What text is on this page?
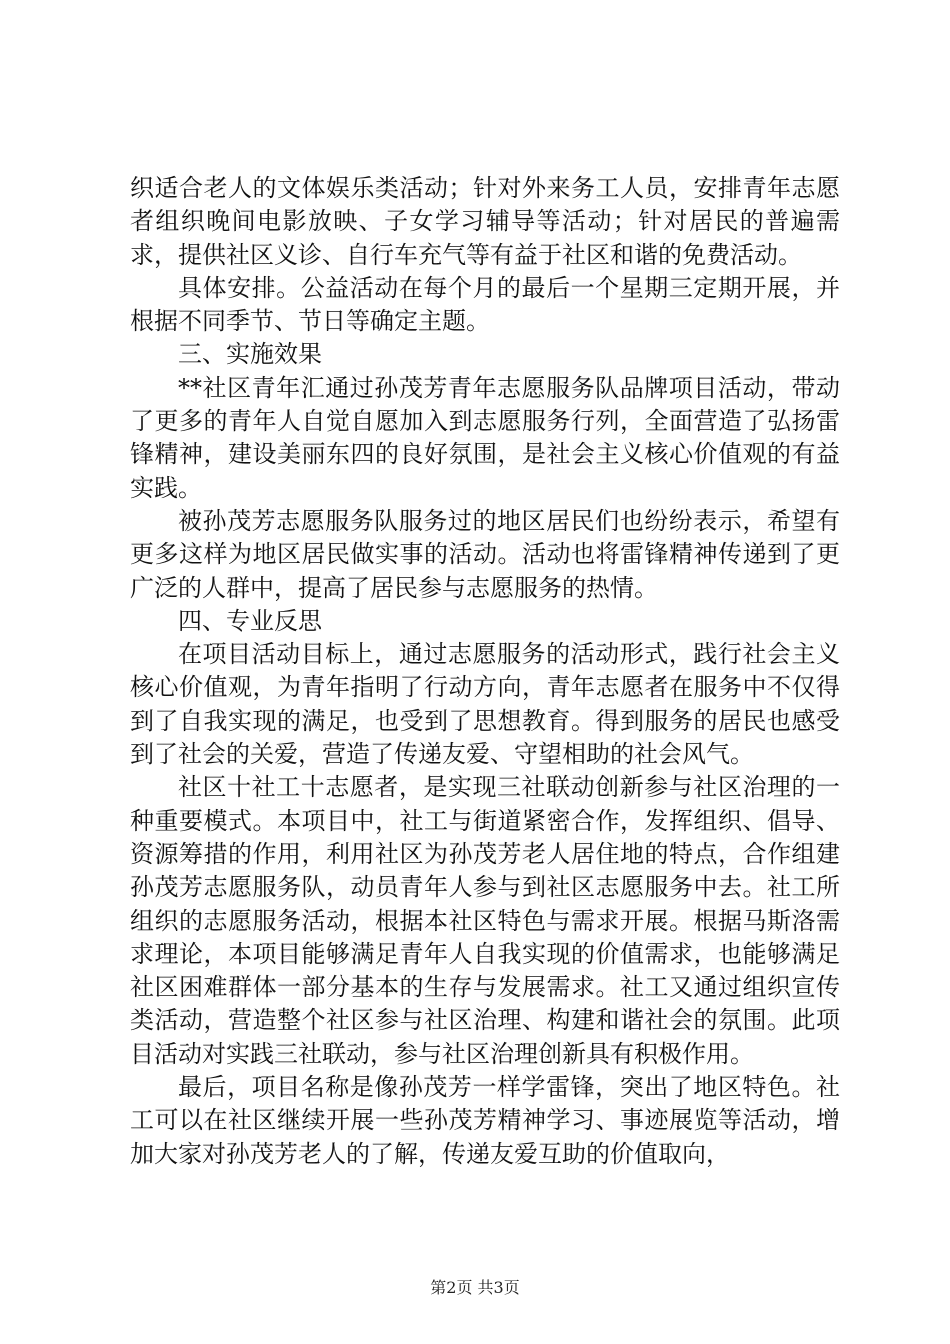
织适合老人的文体娱乐类活动；针对外来务工人员，安排青年志愿者组织晚间电影放映、子女学习辅导等活动；针对居民的普遍需求，提供社区义诊、自行车充气等有益于社区和谐的免费活动。

具体安排。公益活动在每个月的最后一个星期三定期开展，并根据不同季节、节日等确定主题。

三、实施效果

**社区青年汇通过孙茂芳青年志愿服务队品牌项目活动，带动了更多的青年人自觉自愿加入到志愿服务行列，全面营造了弘扬雷锋精神，建设美丽东四的良好氛围，是社会主义核心价值观的有益实践。

被孙茂芳志愿服务队服务过的地区居民们也纷纷表示，希望有更多这样为地区居民做实事的活动。活动也将雷锋精神传递到了更广泛的人群中，提高了居民参与志愿服务的热情。

四、专业反思

在项目活动目标上，通过志愿服务的活动形式，践行社会主义核心价值观，为青年指明了行动方向，青年志愿者在服务中不仅得到了自我实现的满足，也受到了思想教育。得到服务的居民也感受到了社会的关爱，营造了传递友爱、守望相助的社会风气。

社区十社工十志愿者，是实现三社联动创新参与社区治理的一种重要模式。本项目中，社工与街道紧密合作，发挥组织、倡导、资源筹措的作用，利用社区为孙茂芳老人居住地的特点，合作组建孙茂芳志愿服务队，动员青年人参与到社区志愿服务中去。社工所组织的志愿服务活动，根据本社区特色与需求开展。根据马斯洛需求理论，本项目能够满足青年人自我实现的价值需求，也能够满足社区困难群体一部分基本的生存与发展需求。社工又通过组织宣传类活动，营造整个社区参与社区治理、构建和谐社会的氛围。此项目活动对实践三社联动，参与社区治理创新具有积极作用。

最后，项目名称是像孙茂芳一样学雷锋，突出了地区特色。社工可以在社区继续开展一些孙茂芳精神学习、事迹展览等活动，增加大家对孙茂芳老人的了解，传递友爱互助的价值取向，

第2页 共3页
